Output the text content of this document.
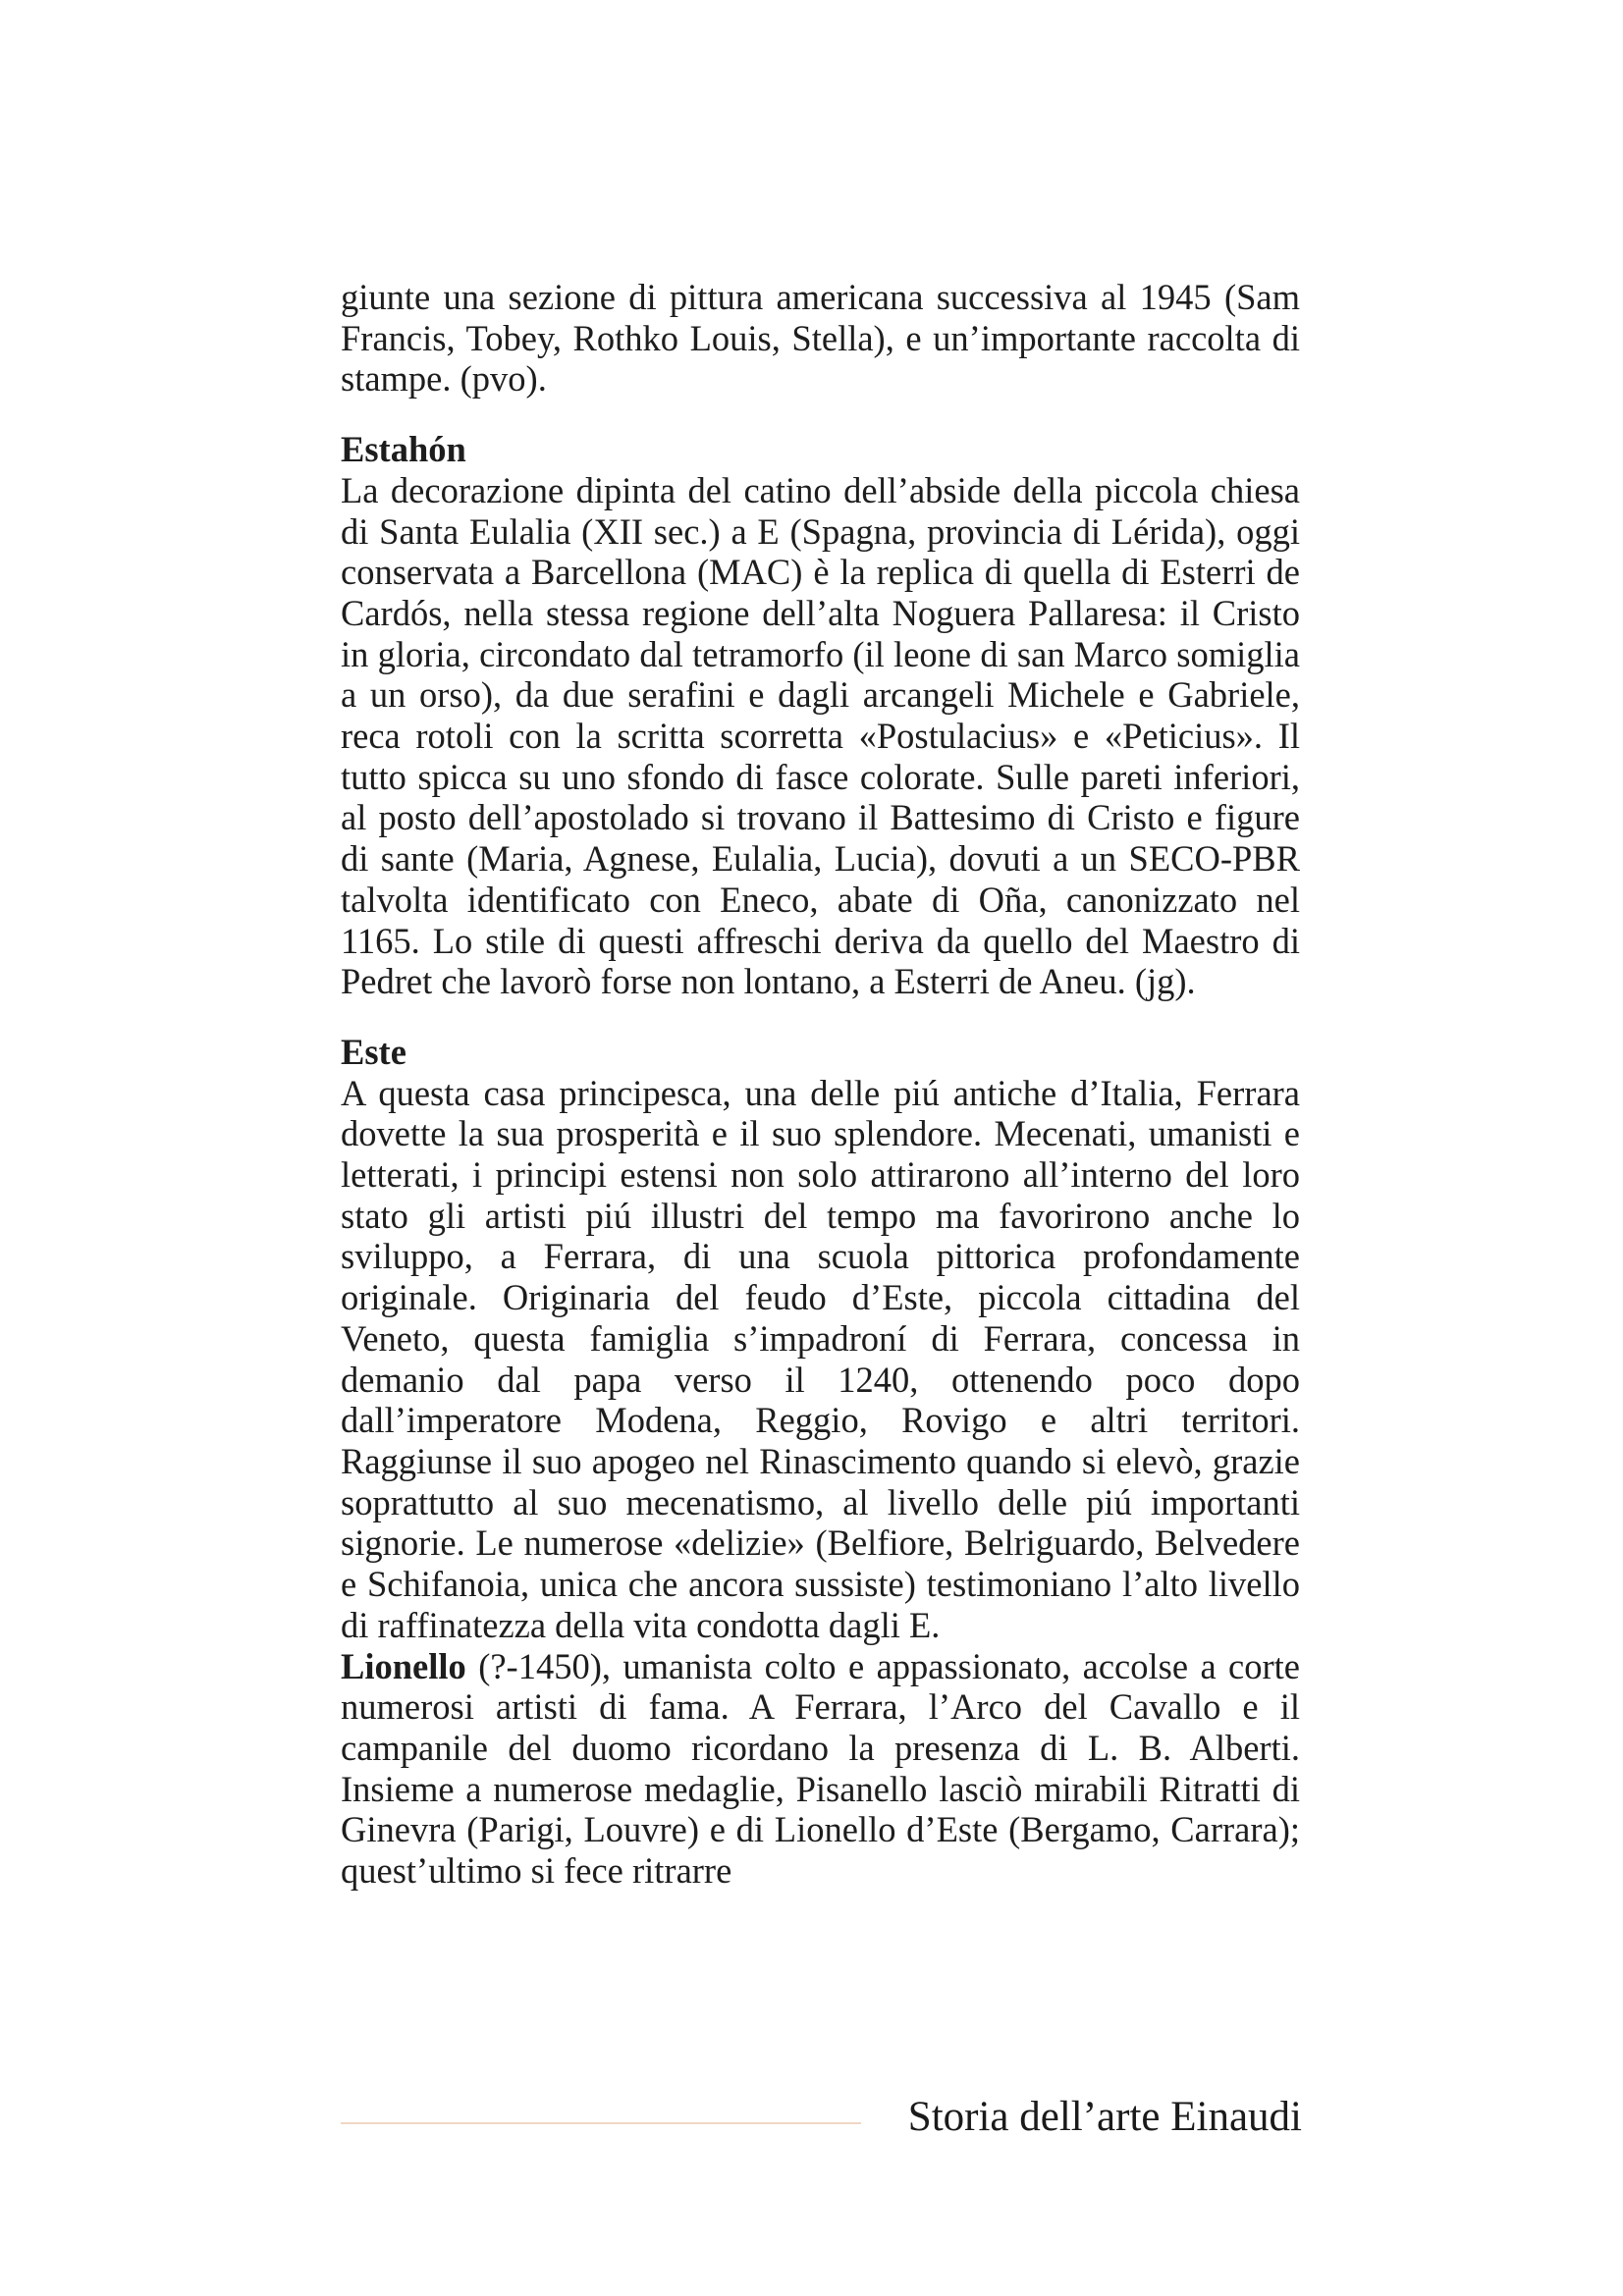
giunte una sezione di pittura americana successiva al 1945 (Sam Francis, Tobey, Rothko Louis, Stella), e un’importante raccolta di stampe. (pvo).

Estahón

La decorazione dipinta del catino dell’abside della piccola chiesa di Santa Eulalia (XII sec.) a E (Spagna, provincia di Lérida), oggi conservata a Barcellona (MAC) è la replica di quella di Esterri de Cardós, nella stessa regione dell’alta Noguera Pallaresa: il Cristo in gloria, circondato dal tetramorfo (il leone di san Marco somiglia a un orso), da due serafini e dagli arcangeli Michele e Gabriele, reca rotoli con la scritta scorretta «Postulacius» e «Peticius». Il tutto spicca su uno sfondo di fasce colorate. Sulle pareti inferiori, al posto dell’apostolado si trovano il Battesimo di Cristo e figure di sante (Maria, Agnese, Eulalia, Lucia), dovuti a un SECO-PBR talvolta identificato con Eneco, abate di Oña, canonizzato nel 1165. Lo stile di questi affreschi deriva da quello del Maestro di Pedret che lavorò forse non lontano, a Esterri de Aneu. (jg).

Este

A questa casa principesca, una delle piú antiche d’Italia, Ferrara dovette la sua prosperità e il suo splendore. Mecenati, umanisti e letterati, i principi estensi non solo attirarono all’interno del loro stato gli artisti piú illustri del tempo ma favorirono anche lo sviluppo, a Ferrara, di una scuola pittorica profondamente originale. Originaria del feudo d’Este, piccola cittadina del Veneto, questa famiglia s’impadroní di Ferrara, concessa in demanio dal papa verso il 1240, ottenendo poco dopo dall’imperatore Modena, Reggio, Rovigo e altri territori. Raggiunse il suo apogeo nel Rinascimento quando si elevò, grazie soprattutto al suo mecenatismo, al livello delle piú importanti signorie. Le numerose «delizie» (Belfiore, Belriguardo, Belvedere e Schifanoia, unica che ancora sussiste) testimoniano l’alto livello di raffinatezza della vita condotta dagli E.

Lionello (?-1450), umanista colto e appassionato, accolse a corte numerosi artisti di fama. A Ferrara, l’Arco del Cavallo e il campanile del duomo ricordano la presenza di L. B. Alberti. Insieme a numerose medaglie, Pisanello lasciò mirabili Ritratti di Ginevra (Parigi, Louvre) e di Lionello d’Este (Bergamo, Carrara); quest’ultimo si fece ritrarre

Storia dell’arte Einaudi
